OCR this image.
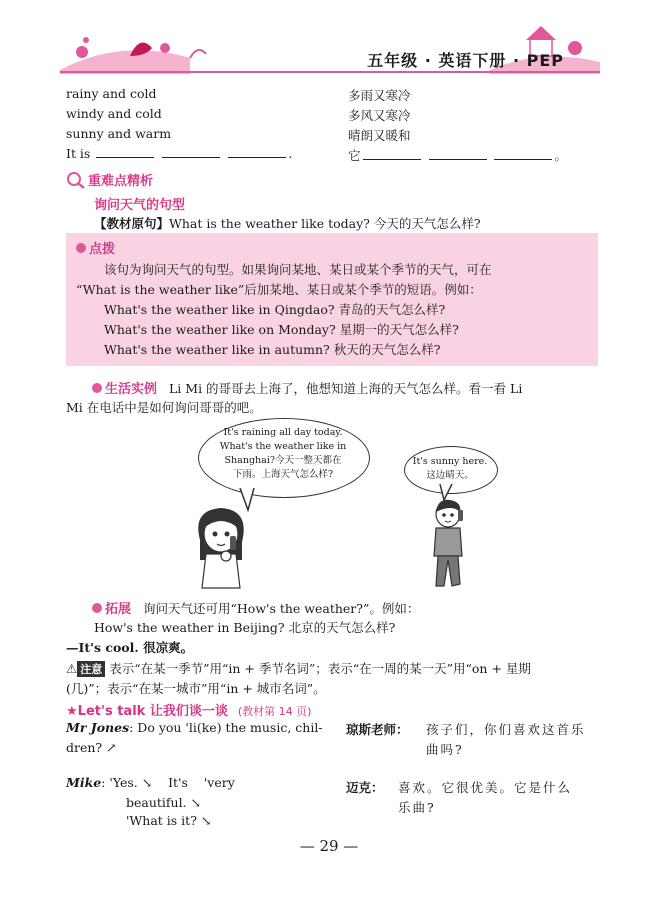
五年级 · 英语下册 · PEP
rainy and cold	多雨又寒冷
windy and cold	多风又寒冷
sunny and warm	晴朗又暖和
It is	.	它	。
重难点精析
询问天气的句型
【教材原句】What is the weather like today? 今天的天气怎么样?
点拨
该句为询问天气的句型。如果询问某地、某日或某个季节的天气，可在
“What is the weather like”后加某地、某日或某个季节的短语。例如：
What's the weather like in Qingdao? 青岛的天气怎么样?
What's the weather like on Monday? 星期一的天气怎么样?
What's the weather like in autumn? 秋天的天气怎么样?
生活实例 Li Mi 的哥哥去上海了，他想知道上海的天气怎么样。看一看 Li
Mi 在电话中是如何询问哥哥的吧。
It's raining all day today.
What's the weather like in
Shanghai?今天一整天都在
下雨。上海天气怎么样?
It's sunny here.
这边晴天。
拓展 询问天气还可用“How's the weather?”。例如：
How's the weather in Beijing? 北京的天气怎么样?
—It's cool. 很凉爽。
⚠ 注意 表示“在某一季节”用“in + 季节名词”；表示“在一周的某一天”用“on + 星期
(几)”；表示“在某一城市”用“in + 城市名词”。
★Let's talk 让我们谈一谈 (教材第 14 页)
Mr Jones: Do you 'li(ke) the music, chil-
dren? ↗
琼斯老师： 孩子们，你们喜欢这首乐
曲吗?
Mike: 'Yes. ↘    It's    'very
beautiful. ↘
'What is it? ↘
迈克： 喜欢。它很优美。它是什么
乐曲?
— 29 —
